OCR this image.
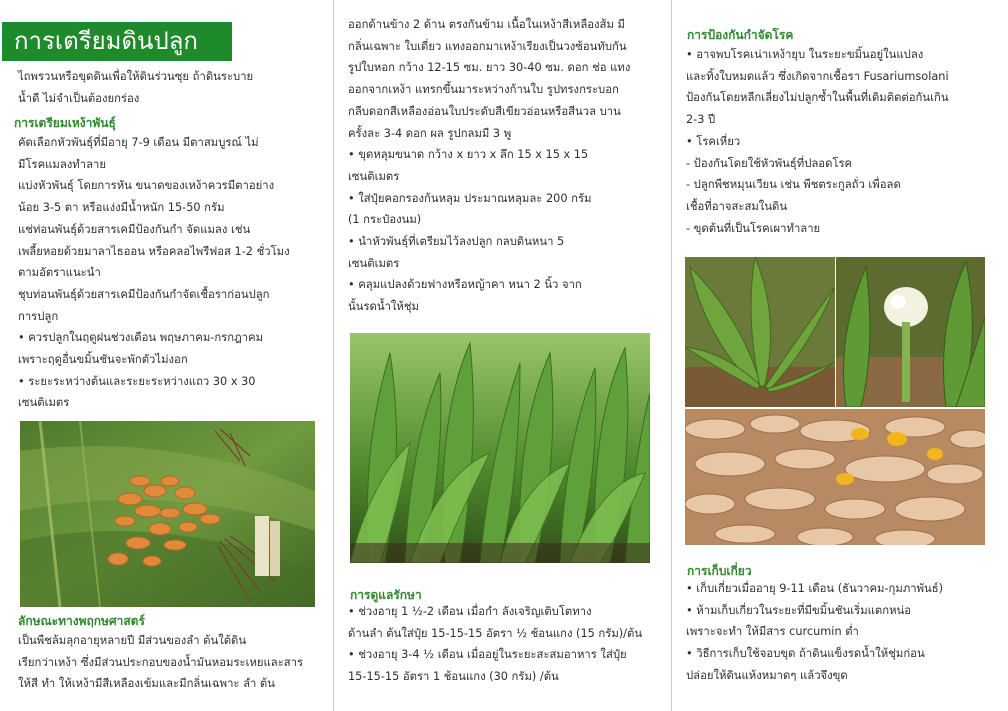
การเตรียมดินปลูก
ไถพรวนหรือขุดดินเพื่อให้ดินร่วนซุย ถ้าดินระบาย
น้ำดี ไม่จำเป็นต้องยกร่อง
การเตรียมเหง้าพันธุ์
คัดเลือกหัวพันธุ์ที่มีอายุ 7-9 เดือน มีตาสมบูรณ์ ไม่
มีโรคแมลงทำลาย
แบ่งหัวพันธุ์ โดยการหัน ขนาดของเหง้าควรมีตาอย่าง
น้อย 3-5 ตา หรือแง่งมีน้ำหนัก 15-50 กรัม
แช่ท่อนพันธุ์ด้วยสารเคมีป้องกันกำ จัดแมลง เช่น
เพลี้ยหอยด้วยมาลาไธออน หรือคลอไพรีฟอส 1-2 ชั่วโมง
ตามอัตราแนะนำ
ชุบท่อนพันธุ์ด้วยสารเคมีป้องกันกำจัดเชื้อราก่อนปลูก
การปลูก
• ควรปลูกในฤดูฝนช่วงเดือน พฤษภาคม-กรกฎาคม
เพราะฤดูอื่นขมิ้นชันจะพักตัวไม่งอก
• ระยะระหว่างต้นและระยะระหว่างแถว 30 x 30
เซนติเมตร
ลักษณะทางพฤกษศาสตร์
เป็นพืชล้มลุกอายุหลายปี มีส่วนของลำ ต้นใต้ดิน
เรียกว่าเหง้า ซึ่งมีส่วนประกอบของน้ำมันหอมระเหยและสาร
ให้สี ทำ ให้เหง้ามีสีเหลืองเข้มและมีกลิ่นเฉพาะ ลำ ต้น
ออกด้านข้าง 2 ด้าน ตรงกันข้าม เนื้อในเหง้าสีเหลืองส้ม มี
กลิ่นเฉพาะ ใบเดี่ยว แทงออกมาเหง้าเรียงเป็นวงซ้อนทับกัน
รูปใบหอก กว้าง 12-15 ซม. ยาว 30-40 ซม. ดอก ช่อ แทง
ออกจากเหง้า แทรกขึ้นมาระหว่างก้านใบ รูปทรงกระบอก
กลีบดอกสีเหลืองอ่อนใบประดับสีเขียวอ่อนหรือสีนวล บาน
ครั้งละ 3-4 ดอก ผล รูปกลมมี 3 พู
• ขุดหลุมขนาด กว้าง x ยาว x ลึก 15 x 15 x 15
เซนติเมตร
• ใส่ปุ๋ยคอกรองก้นหลุม ประมาณหลุมละ 200 กรัม
(1 กระป๋องนม)
• นำหัวพันธุ์ที่เตรียมไว้ลงปลูก กลบดินหนา 5
เซนติเมตร
• คลุมแปลงด้วยฟางหรือหญ้าคา หนา 2 นิ้ว จาก
นั้นรดน้ำให้ชุ่ม
การดูแลรักษา
• ช่วงอายุ 1 ½-2 เดือน เมื่อกำ ลังเจริญเติบโตทาง
ด้านลำ ต้นใส่ปุ๋ย 15-15-15 อัตรา ½ ช้อนแกง (15 กรัม)/ต้น
• ช่วงอายุ 3-4 ½ เดือน เมื่ออยู่ในระยะสะสมอาหาร ใส่ปุ๋ย
15-15-15 อัตรา 1 ช้อนแกง (30 กรัม) /ต้น
การป้องกันกำจัดโรค
• อาจพบโรคเน่าเหง้ายุบ ในระยะขมิ้นอยู่ในแปลง
และทิ้งใบหมดแล้ว ซึ่งเกิดจากเชื้อรา Fusariumsolani
ป้องกันโดยหลีกเลี่ยงไม่ปลูกซ้ำในพื้นที่เดิมติดต่อกันเกิน
2-3 ปี
• โรคเหี่ยว
- ป้องกันโดยใช้หัวพันธุ์ที่ปลอดโรค
- ปลูกพืชหมุนเวียน เช่น พืชตระกูลถั่ว เพื่อลด
เชื้อที่อาจสะสมในดิน
- ขุดต้นที่เป็นโรคเผาทำลาย
การเก็บเกี่ยว
• เก็บเกี่ยวเมื่ออายุ 9-11 เดือน (ธันวาคม-กุมภาพันธ์)
• ห้ามเก็บเกี่ยวในระยะที่มีขมิ้นชันเริ่มแตกหน่อ
เพราะจะทำ ให้มีสาร curcumin ต่ำ
• วิธีการเก็บใช้จอบขุด ถ้าดินแข็งรดน้ำให้ชุ่มก่อน
ปล่อยให้ดินแห้งหมาดๆ แล้วจึงขุด
